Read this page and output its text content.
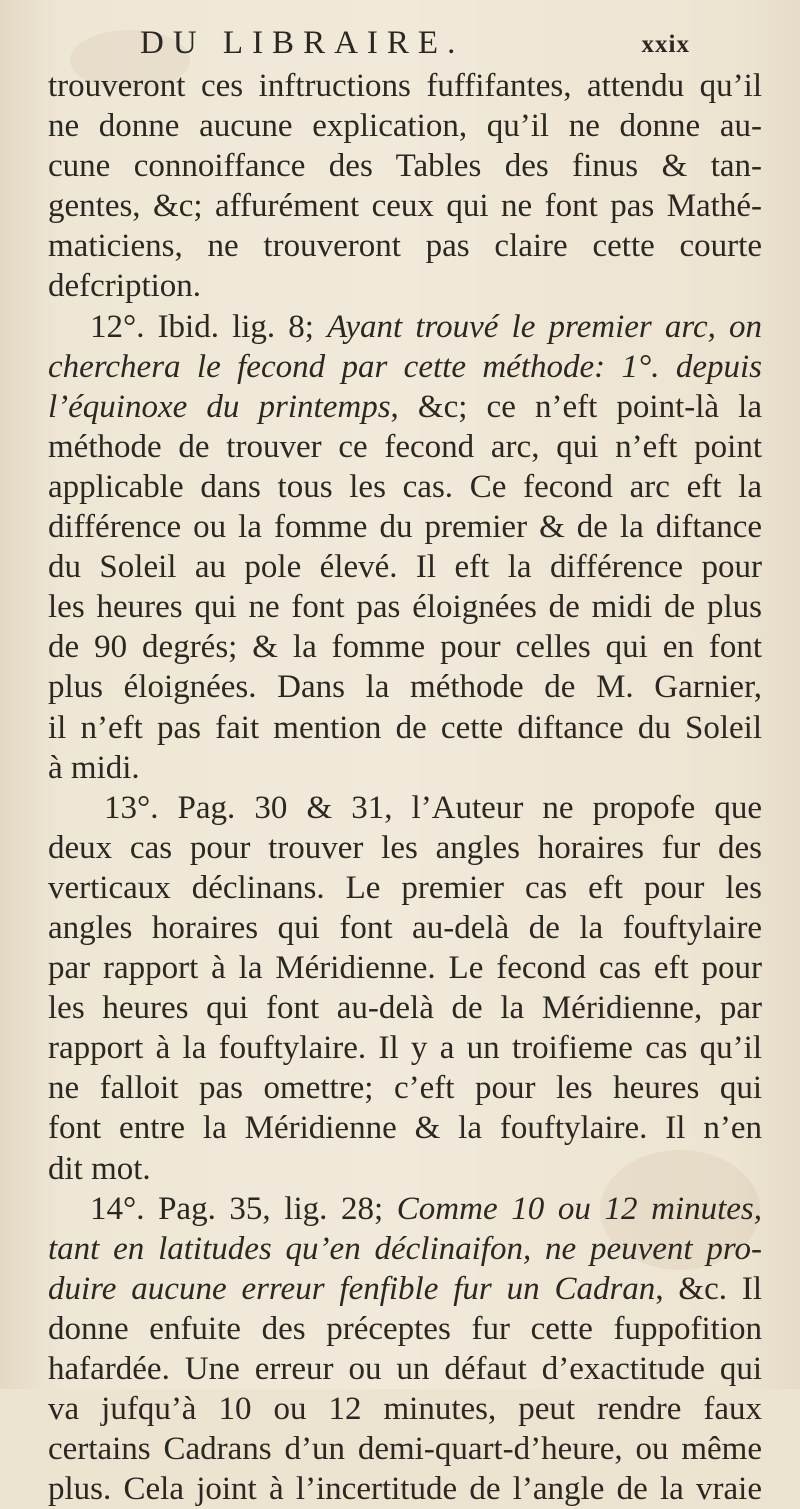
DU LIBRAIRE.	xxix
trouveront ces inftructions fuffifantes, attendu qu’il
ne donne aucune explication, qu’il ne donne au-
cune connoiffance des Tables des finus & tan-
gentes, &c; affurément ceux qui ne font pas Mathé-
maticiens, ne trouveront pas claire cette courte
defcription.
12°. Ibid. lig. 8; Ayant trouvé le premier arc, on
cherchera le fecond par cette méthode: 1°. depuis
l’équinoxe du printemps, &c; ce n’eft point-là la
méthode de trouver ce fecond arc, qui n’eft point
applicable dans tous les cas. Ce fecond arc eft la
différence ou la fomme du premier & de la diftance
du Soleil au pole élevé. Il eft la différence pour
les heures qui ne font pas éloignées de midi de plus
de 90 degrés; & la fomme pour celles qui en font
plus éloignées. Dans la méthode de M. Garnier,
il n’eft pas fait mention de cette diftance du Soleil
à midi.
13°. Pag. 30 & 31, l’Auteur ne propofe que
deux cas pour trouver les angles horaires fur des
verticaux déclinans. Le premier cas eft pour les
angles horaires qui font au-delà de la fouftylaire
par rapport à la Méridienne. Le fecond cas eft pour
les heures qui font au-delà de la Méridienne, par
rapport à la fouftylaire. Il y a un troifieme cas qu’il
ne falloit pas omettre; c’eft pour les heures qui
font entre la Méridienne & la fouftylaire. Il n’en
dit mot.
14°. Pag. 35, lig. 28; Comme 10 ou 12 minutes,
tant en latitudes qu’en déclinaifon, ne peuvent pro-
duire aucune erreur fenfible fur un Cadran, &c. Il
donne enfuite des préceptes fur cette fuppofition
hafardée. Une erreur ou un défaut d’exactitude qui
va jufqu’à 10 ou 12 minutes, peut rendre faux
certains Cadrans d’un demi-quart-d’heure, ou même
plus. Cela joint à l’incertitude de l’angle de la vraie
